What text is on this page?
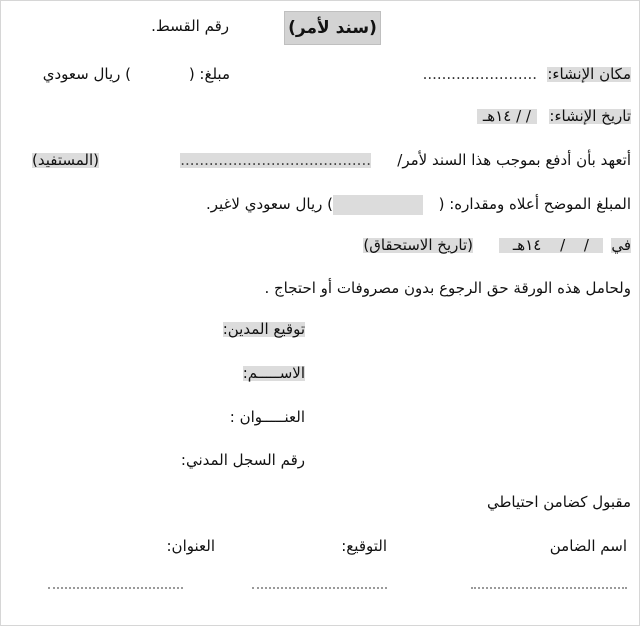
(سند لأمر)
رقم القسط.
مكان الإنشاء:
........................
مبلغ: (
) ريال سعودي
تاريخ الإنشاء:
/ / ١٤هـ
أتعهد بأن أدفع بموجب هذا السند لأمر/
........................................
(المستفيد)
المبلغ الموضح أعلاه ومقداره: (
) ريال سعودي لاغير.
في
/ / ١٤هـ
(تاريخ الاستحقاق)
ولحامل هذه الورقة حق الرجوع بدون مصروفات أو احتجاج .
توقيع المدين:
الاســـــم:
العنـــــوان :
رقم السجل المدني:
مقبول كضامن احتياطي
اسم الضامن
التوقيع:
العنوان:
